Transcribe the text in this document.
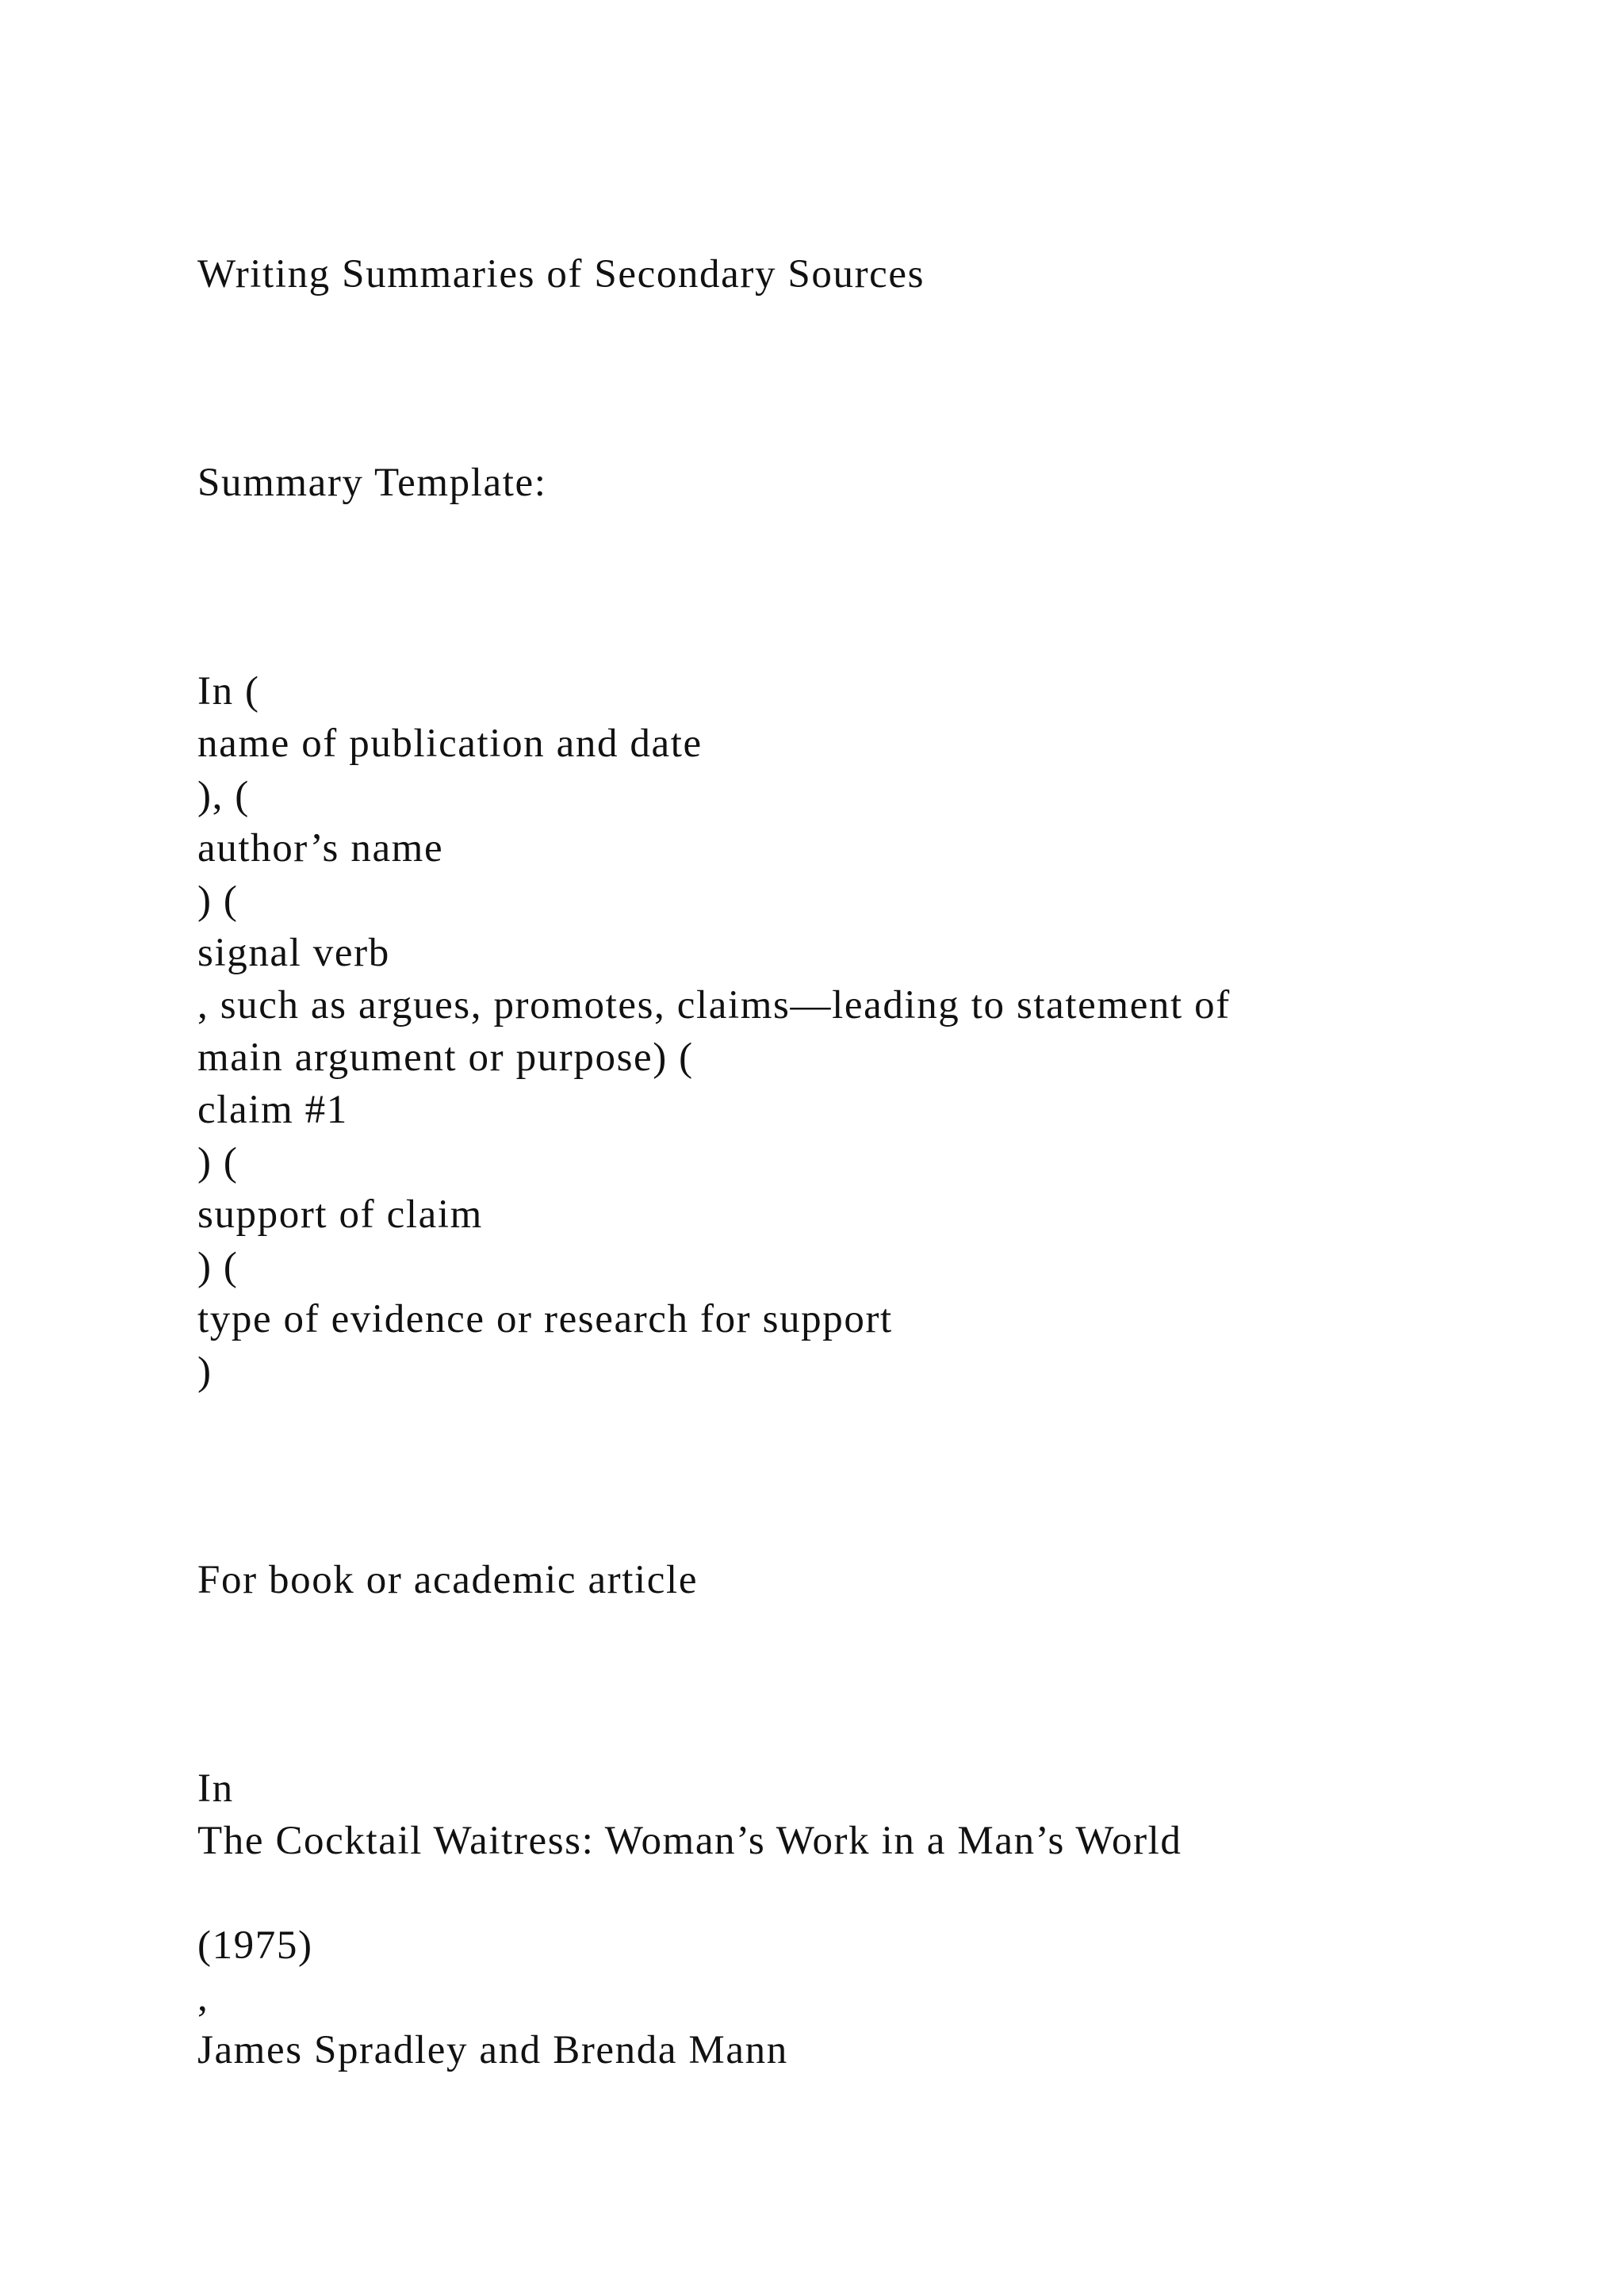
Writing Summaries of Secondary Sources
Summary Template:
In (
name of publication and date
), (
author’s name
) (
signal verb
, such as argues, promotes, claims—leading to statement of
main argument or purpose) (
claim #1
) (
support of claim
) (
type of evidence or research for support
)
For book or academic article
In
The Cocktail Waitress: Woman’s Work in a Man’s World
(1975)
,
James Spradley and Brenda Mann
